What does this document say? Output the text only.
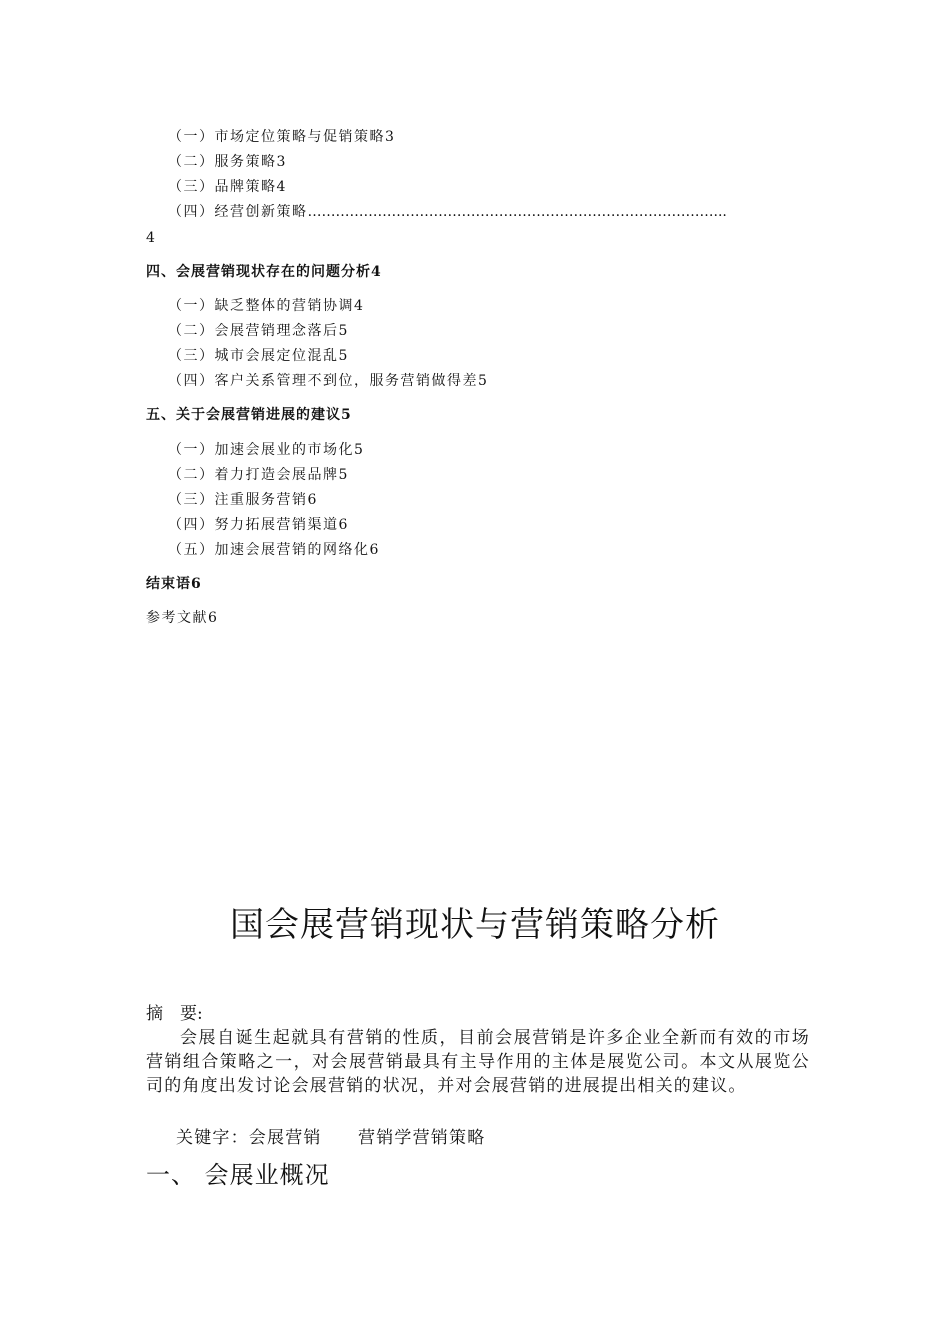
（一）市场定位策略与促销策略3
（二）服务策略3
（三）品牌策略4
（四）经营创新策略……………………………………………………………………………...
4
四、会展营销现状存在的问题分析4
（一）缺乏整体的营销协调4
（二）会展营销理念落后5
（三）城市会展定位混乱5
（四）客户关系管理不到位，服务营销做得差5
五、关于会展营销进展的建议5
（一）加速会展业的市场化5
（二）着力打造会展品牌5
（三）注重服务营销6
（四）努力拓展营销渠道6
（五）加速会展营销的网络化6
结束语6
参考文献6
国会展营销现状与营销策略分析
摘　要:
会展自诞生起就具有营销的性质，目前会展营销是许多企业全新而有效的市场营销组合策略之一，对会展营销最具有主导作用的主体是展览公司。本文从展览公司的角度出发讨论会展营销的状况，并对会展营销的进展提出相关的建议。
关键字：会展营销　　营销学营销策略
一、 会展业概况
